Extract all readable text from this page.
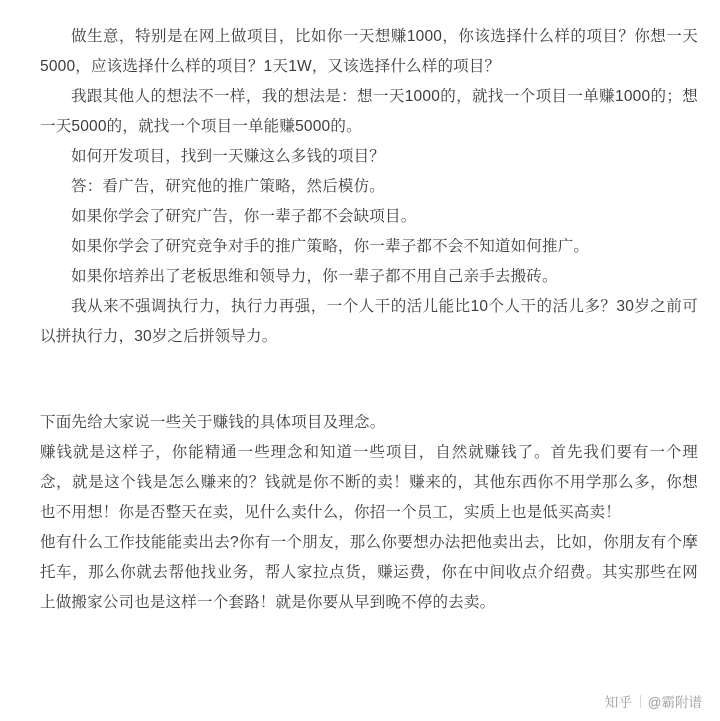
做生意，特别是在网上做项目，比如你一天想赚1000，你该选择什么样的项目？你想一天5000，应该选择什么样的项目？1天1W，又该选择什么样的项目？

我跟其他人的想法不一样，我的想法是：想一天1000的，就找一个项目一单赚1000的；想一天5000的，就找一个项目一单能赚5000的。

如何开发项目，找到一天赚这么多钱的项目？

答：看广告，研究他的推广策略，然后模仿。

如果你学会了研究广告，你一辈子都不会缺项目。

如果你学会了研究竞争对手的推广策略，你一辈子都不会不知道如何推广。

如果你培养出了老板思维和领导力，你一辈子都不用自己亲手去搬砖。

我从来不强调执行力，执行力再强，一个人干的活儿能比10个人干的活儿多？30岁之前可以拼执行力，30岁之后拼领导力。

下面先给大家说一些关于赚钱的具体项目及理念。

赚钱就是这样子，你能精通一些理念和知道一些项目，自然就赚钱了。首先我们要有一个理念，就是这个钱是怎么赚来的？钱就是你不断的卖！赚来的，其他东西你不用学那么多，你想也不用想！你是否整天在卖，见什么卖什么，你招一个员工，实质上也是低买高卖！

他有什么工作技能能卖出去?你有一个朋友，那么你要想办法把他卖出去，比如，你朋友有个摩托车，那么你就去帮他找业务，帮人家拉点货，赚运费，你在中间收点介绍费。其实那些在网上做搬家公司也是这样一个套路！就是你要从早到晚不停的去卖。

知乎 @霸附谱
